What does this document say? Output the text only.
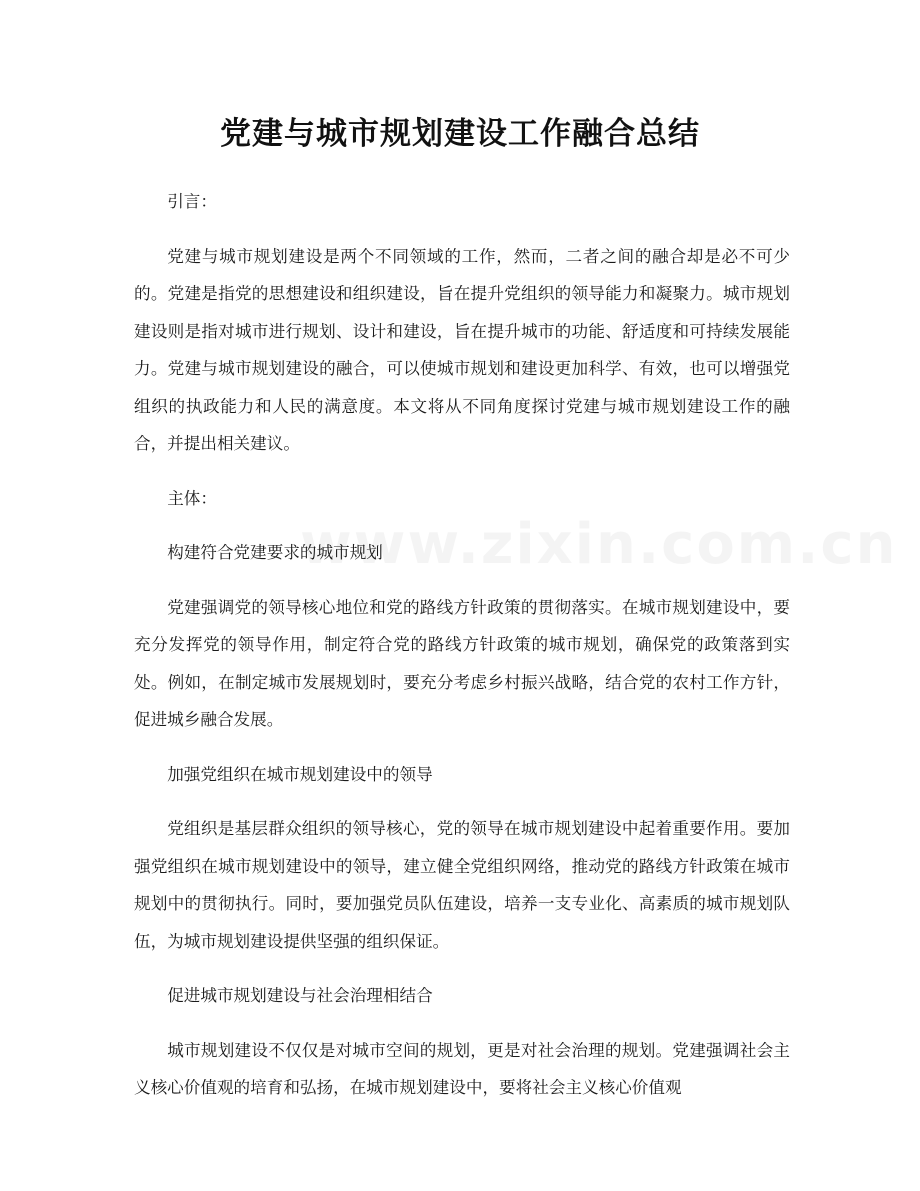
党建与城市规划建设工作融合总结

引言：

党建与城市规划建设是两个不同领域的工作，然而，二者之间的融合却是必不可少的。党建是指党的思想建设和组织建设，旨在提升党组织的领导能力和凝聚力。城市规划建设则是指对城市进行规划、设计和建设，旨在提升城市的功能、舒适度和可持续发展能力。党建与城市规划建设的融合，可以使城市规划和建设更加科学、有效，也可以增强党组织的执政能力和人民的满意度。本文将从不同角度探讨党建与城市规划建设工作的融合，并提出相关建议。

主体：

构建符合党建要求的城市规划

党建强调党的领导核心地位和党的路线方针政策的贯彻落实。在城市规划建设中，要充分发挥党的领导作用，制定符合党的路线方针政策的城市规划，确保党的政策落到实处。例如，在制定城市发展规划时，要充分考虑乡村振兴战略，结合党的农村工作方针，促进城乡融合发展。

加强党组织在城市规划建设中的领导

党组织是基层群众组织的领导核心，党的领导在城市规划建设中起着重要作用。要加强党组织在城市规划建设中的领导，建立健全党组织网络，推动党的路线方针政策在城市规划中的贯彻执行。同时，要加强党员队伍建设，培养一支专业化、高素质的城市规划队伍，为城市规划建设提供坚强的组织保证。

促进城市规划建设与社会治理相结合

城市规划建设不仅仅是对城市空间的规划，更是对社会治理的规划。党建强调社会主义核心价值观的培育和弘扬，在城市规划建设中，要将社会主义核心价值观
